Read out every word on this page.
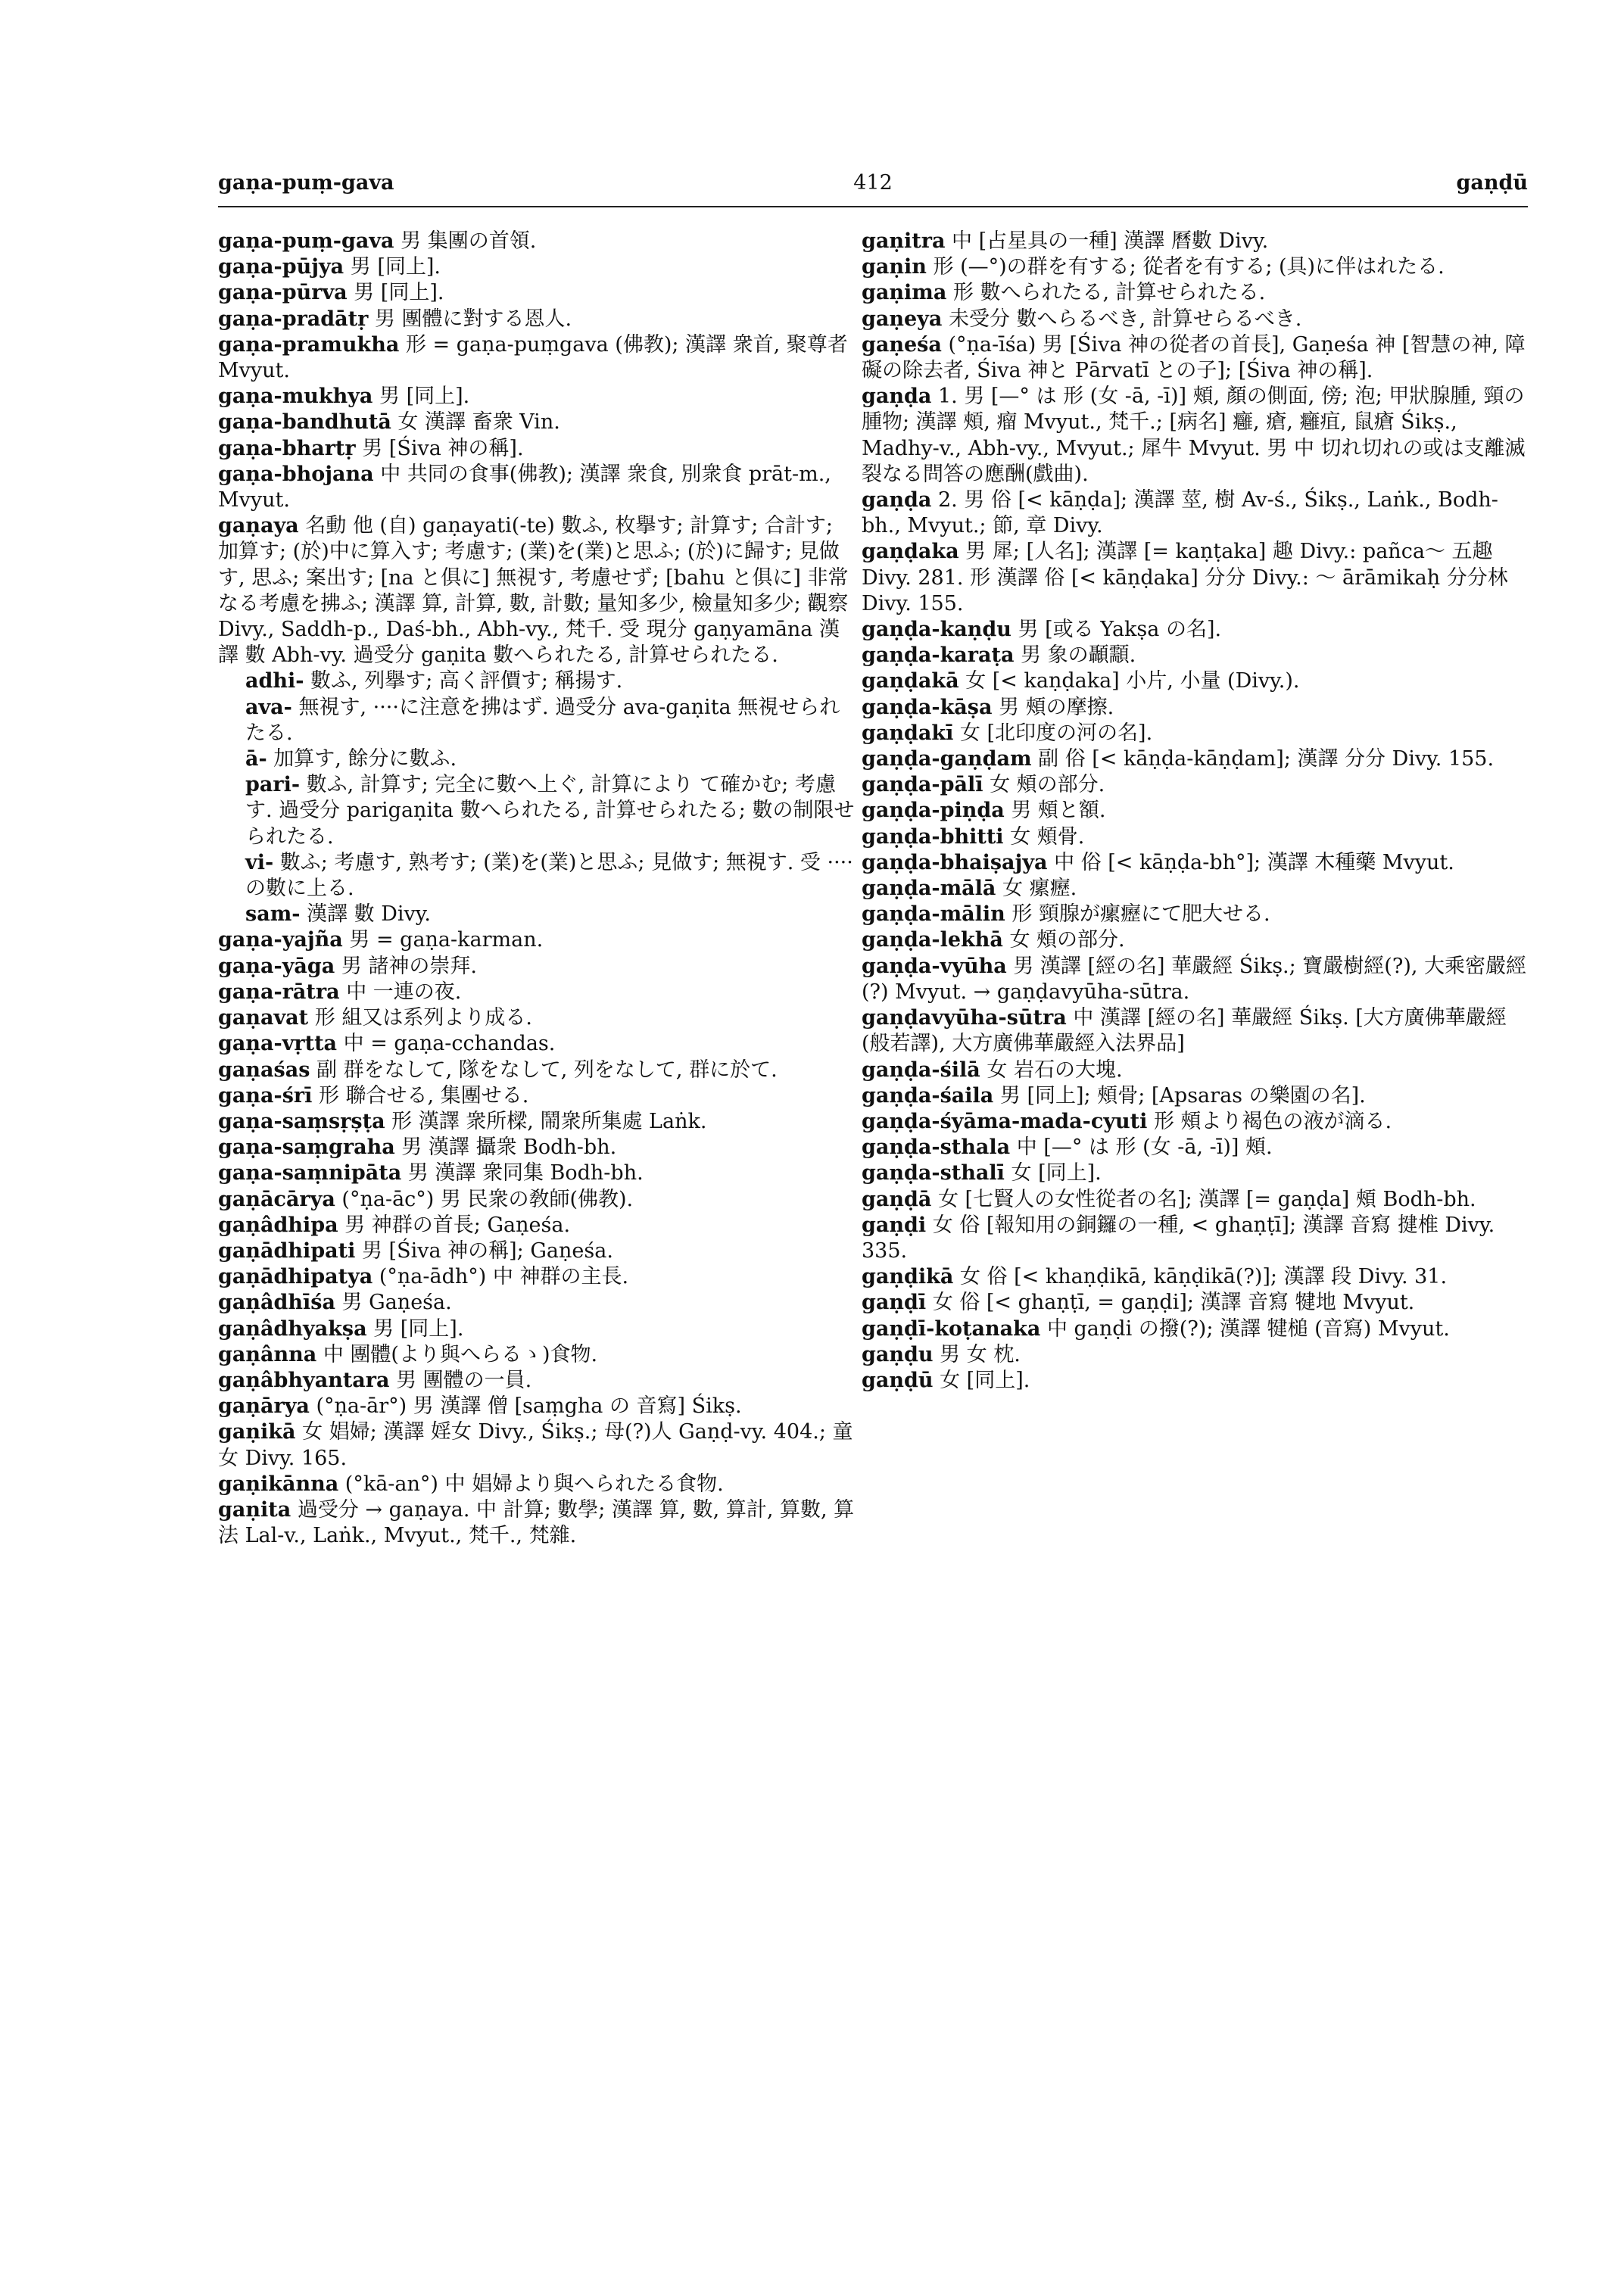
gaṇa-puṃ-gava	412	gaṇḍū

gaṇa-puṃ-gava 男 集團の首領.

gaṇa-pūjya 男 [同上].

gaṇa-pūrva 男 [同上].

gaṇa-pradātṛ 男 團體に對する恩人.

gaṇa-pramukha 形 = gaṇa-puṃgava (佛教); 漢譯 衆首, 聚尊者 Mvyut.

gaṇa-mukhya 男 [同上].

gaṇa-bandhutā 女 漢譯 畜衆 Vin.

gaṇa-bhartṛ 男 [Śiva 神の稱].

gaṇa-bhojana 中 共同の食事(佛教); 漢譯 衆食, 別衆食 prāt-m., Mvyut.

gaṇaya 名動 他 (自) gaṇayati(-te) 數ふ, 枚擧す; 計算す; 合計す; 加算す; (於)中に算入す; 考慮す; (業)を(業)と思ふ; (於)に歸す; 見做す, 思ふ; 案出す; [na と俱に] 無視す, 考慮せず; [bahu と俱に] 非常なる考慮を拂ふ; 漢譯 算, 計算, 數, 計數; 量知多少, 檢量知多少; 觀察 Divy., Saddh-p., Daś-bh., Abh-vy., 梵千. 受 現分 gaṇyamāna 漢譯 數 Abh-vy. 過受分 gaṇita 數へられたる, 計算せられたる.

adhi- 數ふ, 列擧す; 高く評價す; 稱揚す.

ava- 無視す, ····に注意を拂はず. 過受分 ava-gaṇita 無視せられたる.

ā- 加算す, 餘分に數ふ.

pari- 數ふ, 計算す; 完全に數へ上ぐ, 計算により て確かむ; 考慮す. 過受分 parigaṇita 數へられたる, 計算せられたる; 數の制限せられたる.

vi- 數ふ; 考慮す, 熟考す; (業)を(業)と思ふ; 見做す; 無視す. 受 ····の數に上る.

sam- 漢譯 數 Divy.

gaṇa-yajña 男 = gaṇa-karman.

gaṇa-yāga 男 諸神の崇拜.

gaṇa-rātra 中 一連の夜.

gaṇavat 形 組又は系列より成る.

gaṇa-vṛtta 中 = gaṇa-cchandas.

gaṇaśas 副 群をなして, 隊をなして, 列をなして, 群に於て.

gaṇa-śrī 形 聯合せる, 集團せる.

gaṇa-saṃsṛṣṭa 形 漢譯 衆所樑, 鬧衆所集處 Laṅk.

gaṇa-saṃgraha 男 漢譯 攝衆 Bodh-bh.

gaṇa-saṃnipāta 男 漢譯 衆同集 Bodh-bh.

gaṇācārya (°ṇa-āc°) 男 民衆の敎師(佛教).

gaṇâdhipa 男 神群の首長; Gaṇeśa.

gaṇādhipati 男 [Śiva 神の稱]; Gaṇeśa.

gaṇādhipatya (°ṇa-ādh°) 中 神群の主長.

gaṇâdhīśa 男 Gaṇeśa.

gaṇâdhyakṣa 男 [同上].

gaṇânna 中 團體(より與へらるゝ)食物.

gaṇâbhyantara 男 團體の一員.

gaṇārya (°ṇa-ār°) 男 漢譯 僧 [saṃgha の 音寫] Śikṣ.

gaṇikā 女 娼婦; 漢譯 婬女 Divy., Śikṣ.; 母(?)人 Gaṇḍ-vy. 404.; 童女 Divy. 165.

gaṇikānna (°kā-an°) 中 娼婦より與へられたる食物.

gaṇita 過受分 → gaṇaya. 中 計算; 數學; 漢譯 算, 數, 算計, 算數, 算法 Lal-v., Laṅk., Mvyut., 梵千., 梵雜.

gaṇitra 中 [占星具の一種] 漢譯 曆數 Divy.

gaṇin 形 (—°)の群を有する; 從者を有する; (具)に伴はれたる.

gaṇima 形 數へられたる, 計算せられたる.

gaṇeya 未受分 數へらるべき, 計算せらるべき.

gaṇeśa (°ṇa-īśa) 男 [Śiva 神の從者の首長], Gaṇeśa 神 [智慧の神, 障礙の除去者, Śiva 神と Pārvatī との子]; [Śiva 神の稱].

gaṇḍa 1. 男 [—° は 形 (女 -ā, -ī)] 頰, 顏の側面, 傍; 泡; 甲狀腺腫, 頸の腫物; 漢譯 頰, 瘤 Mvyut., 梵千.; [病名] 癰, 瘡, 癰疽, 鼠瘡 Śikṣ., Madhy-v., Abh-vy., Mvyut.; 犀牛 Mvyut. 男 中 切れ切れの或は支離滅裂なる問答の應酬(戲曲).

gaṇḍa 2. 男 俗 [< kāṇḍa]; 漢譯 莖, 樹 Av-ś., Śikṣ., Laṅk., Bodh-bh., Mvyut.; 節, 章 Divy.

gaṇḍaka 男 犀; [人名]; 漢譯 [= kaṇṭaka] 趣 Divy.: pañca～ 五趣 Divy. 281. 形 漢譯 俗 [< kāṇḍaka] 分分 Divy.: ～ ārāmikaḥ 分分林 Divy. 155.

gaṇḍa-kaṇḍu 男 [或る Yakṣa の名].

gaṇḍa-karaṭa 男 象の顳顬.

gaṇḍakā 女 [< kaṇḍaka] 小片, 小量 (Divy.).

gaṇḍa-kāṣa 男 頰の摩擦.

gaṇḍakī 女 [北印度の河の名].

gaṇḍa-gaṇḍam 副 俗 [< kāṇḍa-kāṇḍam]; 漢譯 分分 Divy. 155.

gaṇḍa-pālī 女 頰の部分.

gaṇḍa-piṇḍa 男 頰と額.

gaṇḍa-bhitti 女 頰骨.

gaṇḍa-bhaiṣajya 中 俗 [< kāṇḍa-bh°]; 漢譯 木種藥 Mvyut.

gaṇḍa-mālā 女 瘰癧.

gaṇḍa-mālin 形 頸腺が瘰癧にて肥大せる.

gaṇḍa-lekhā 女 頰の部分.

gaṇḍa-vyūha 男 漢譯 [經の名] 華嚴經 Śikṣ.; 寶嚴樹經(?), 大乘密嚴經(?) Mvyut. → gaṇḍavyūha-sūtra.

gaṇḍavyūha-sūtra 中 漢譯 [經の名] 華嚴經 Śikṣ. [大方廣佛華嚴經(般若譯), 大方廣佛華嚴經入法界品]

gaṇḍa-śilā 女 岩石の大塊.

gaṇḍa-śaila 男 [同上]; 頰骨; [Apsaras の樂園の名].

gaṇḍa-śyāma-mada-cyuti 形 頰より褐色の液が滴る.

gaṇḍa-sthala 中 [—° は 形 (女 -ā, -ī)] 頰.

gaṇḍa-sthalī 女 [同上].

gaṇḍā 女 [七賢人の女性從者の名]; 漢譯 [= gaṇḍa] 頰 Bodh-bh.

gaṇḍi 女 俗 [報知用の銅鑼の一種, < ghaṇṭī]; 漢譯 音寫 揵椎 Divy. 335.

gaṇḍikā 女 俗 [< khaṇḍikā, kāṇḍikā(?)]; 漢譯 段 Divy. 31.

gaṇḍī 女 俗 [< ghaṇṭī, = gaṇḍi]; 漢譯 音寫 犍地 Mvyut.

gaṇḍī-koṭanaka 中 gaṇḍi の撥(?); 漢譯 犍槌 (音寫) Mvyut.

gaṇḍu 男 女 枕.

gaṇḍū 女 [同上].
